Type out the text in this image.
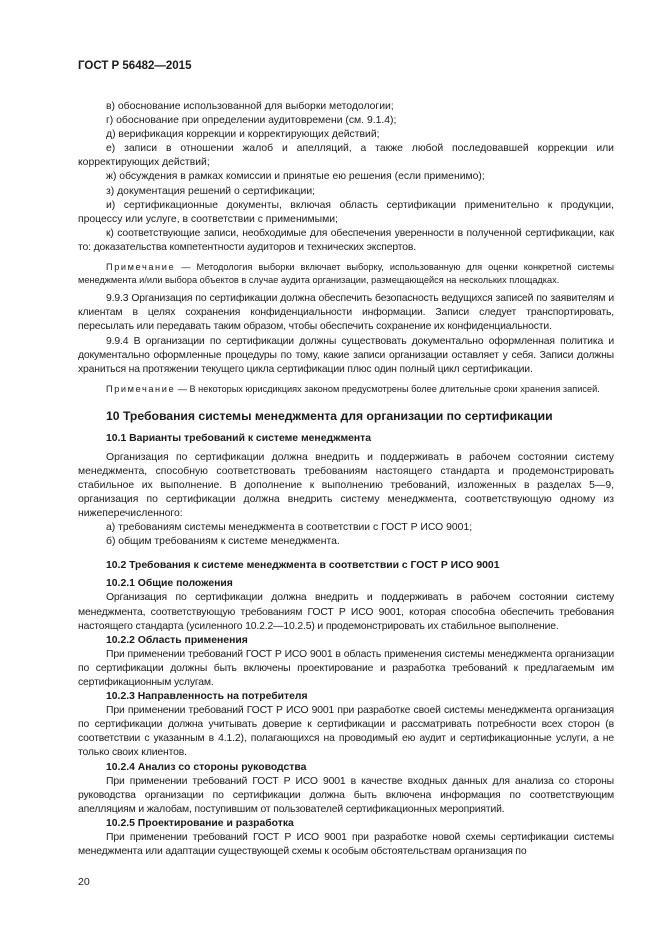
ГОСТ Р 56482—2015

в) обоснование использованной для выборки методологии;

г) обоснование при определении аудитовремени (см. 9.1.4);

д) верификация коррекции и корректирующих действий;

е) записи в отношении жалоб и апелляций, а также любой последовавшей коррекции или корректирующих действий;

ж) обсуждения в рамках комиссии и принятые ею решения (если применимо);

з) документация решений о сертификации;

и) сертификационные документы, включая область сертификации применительно к продукции, процессу или услуге, в соответствии с применимыми;

к) соответствующие записи, необходимые для обеспечения уверенности в полученной сертификации, как то: доказательства компетентности аудиторов и технических экспертов.

Примечание — Методология выборки включает выборку, использованную для оценки конкретной системы менеджмента и/или выбора объектов в случае аудита организации, размещающейся на нескольких площадках.

9.9.3 Организация по сертификации должна обеспечить безопасность ведущихся записей по заявителям и клиентам в целях сохранения конфиденциальности информации. Записи следует транспортировать, пересылать или передавать таким образом, чтобы обеспечить сохранение их конфиденциальности.

9.9.4 В организации по сертификации должны существовать документально оформленная политика и документально оформленные процедуры по тому, какие записи организации оставляет у себя. Записи должны храниться на протяжении текущего цикла сертификации плюс один полный цикл сертификации.

Примечание — В некоторых юрисдикциях законом предусмотрены более длительные сроки хранения записей.

10 Требования системы менеджмента для организации по сертификации

10.1 Варианты требований к системе менеджмента

Организация по сертификации должна внедрить и поддерживать в рабочем состоянии систему менеджмента, способную соответствовать требованиям настоящего стандарта и продемонстрировать стабильное их выполнение. В дополнение к выполнению требований, изложенных в разделах 5—9, организация по сертификации должна внедрить систему менеджмента, соответствующую одному из нижеперечисленного:

а) требованиям системы менеджмента в соответствии с ГОСТ Р ИСО 9001;

б) общим требованиям к системе менеджмента.

10.2 Требования к системе менеджмента в соответствии с ГОСТ Р ИСО 9001

10.2.1 Общие положения

Организация по сертификации должна внедрить и поддерживать в рабочем состоянии систему менеджмента, соответствующую требованиям ГОСТ Р ИСО 9001, которая способна обеспечить требования настоящего стандарта (усиленного 10.2.2—10.2.5) и продемонстрировать их стабильное выполнение.

10.2.2 Область применения

При применении требований ГОСТ Р ИСО 9001 в область применения системы менеджмента организации по сертификации должны быть включены проектирование и разработка требований к предлагаемым им сертификационным услугам.

10.2.3 Направленность на потребителя

При применении требований ГОСТ Р ИСО 9001 при разработке своей системы менеджмента организация по сертификации должна учитывать доверие к сертификации и рассматривать потребности всех сторон (в соответствии с указанным в 4.1.2), полагающихся на проводимый ею аудит и сертификационные услуги, а не только своих клиентов.

10.2.4 Анализ со стороны руководства

При применении требований ГОСТ Р ИСО 9001 в качестве входных данных для анализа со стороны руководства организации по сертификации должна быть включена информация по соответствующим апелляциям и жалобам, поступившим от пользователей сертификационных мероприятий.

10.2.5 Проектирование и разработка

При применении требований ГОСТ Р ИСО 9001 при разработке новой схемы сертификации системы менеджмента или адаптации существующей схемы к особым обстоятельствам организация по

20
